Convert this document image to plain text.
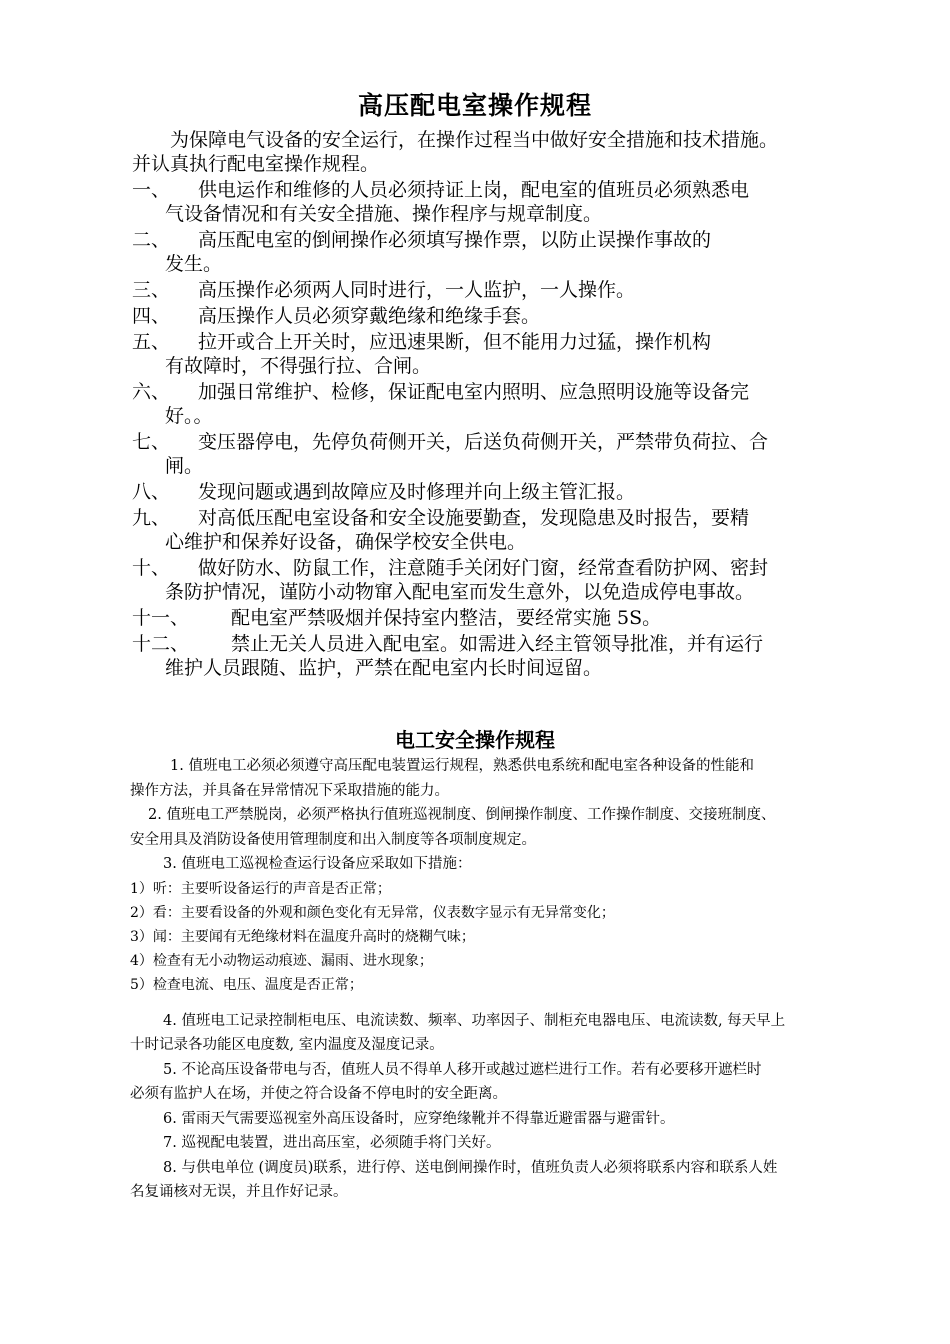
高压配电室操作规程
为保障电气设备的安全运行，在操作过程当中做好安全措施和技术措施。
并认真执行配电室操作规程。
一、 供电运作和维修的人员必须持证上岗，配电室的值班员必须熟悉电
气设备情况和有关安全措施、操作程序与规章制度。
二、 高压配电室的倒闸操作必须填写操作票，以防止误操作事故的
发生。
三、 高压操作必须两人同时进行，一人监护，一人操作。
四、 高压操作人员必须穿戴绝缘和绝缘手套。
五、 拉开或合上开关时，应迅速果断，但不能用力过猛，操作机构
有故障时，不得强行拉、合闸。
六、 加强日常维护、检修，保证配电室内照明、应急照明设施等设备完
好。。
七、 变压器停电，先停负荷侧开关，后送负荷侧开关，严禁带负荷拉、合
闸。
八、 发现问题或遇到故障应及时修理并向上级主管汇报。
九、 对高低压配电室设备和安全设施要勤查，发现隐患及时报告，要精
心维护和保养好设备，确保学校安全供电。
十、 做好防水、防鼠工作，注意随手关闭好门窗，经常查看防护网、密封
条防护情况，谨防小动物窜入配电室而发生意外，以免造成停电事故。
十一、 配电室严禁吸烟并保持室内整洁，要经常实施 5S。
十二、 禁止无关人员进入配电室。如需进入经主管领导批准，并有运行
维护人员跟随、监护，严禁在配电室内长时间逗留。
电工安全操作规程

1. 值班电工必须必须遵守高压配电装置运行规程，熟悉供电系统和配电室各种设备的性能和

操作方法，并具备在异常情况下采取措施的能力。

2. 值班电工严禁脱岗，必须严格执行值班巡视制度、倒闸操作制度、工作操作制度、交接班制度、

安全用具及消防设备使用管理制度和出入制度等各项制度规定。

3. 值班电工巡视检查运行设备应采取如下措施：

1）听：主要听设备运行的声音是否正常；

2）看：主要看设备的外观和颜色变化有无异常，仪表数字显示有无异常变化；

3）闻：主要闻有无绝缘材料在温度升高时的烧糊气味；

4）检查有无小动物运动痕迹、漏雨、进水现象；

5）检查电流、电压、温度是否正常；

4. 值班电工记录控制柜电压、电流读数、频率、功率因子、制柜充电器电压、电流读数, 每天早上

十时记录各功能区电度数, 室内温度及湿度记录。

5. 不论高压设备带电与否，值班人员不得单人移开或越过遮栏进行工作。若有必要移开遮栏时

必须有监护人在场，并使之符合设备不停电时的安全距离。

6. 雷雨天气需要巡视室外高压设备时，应穿绝缘靴并不得靠近避雷器与避雷针。

7. 巡视配电装置，进出高压室，必须随手将门关好。

8. 与供电单位 (调度员)联系，进行停、送电倒闸操作时，值班负责人必须将联系内容和联系人姓

名复诵核对无误，并且作好记录。
